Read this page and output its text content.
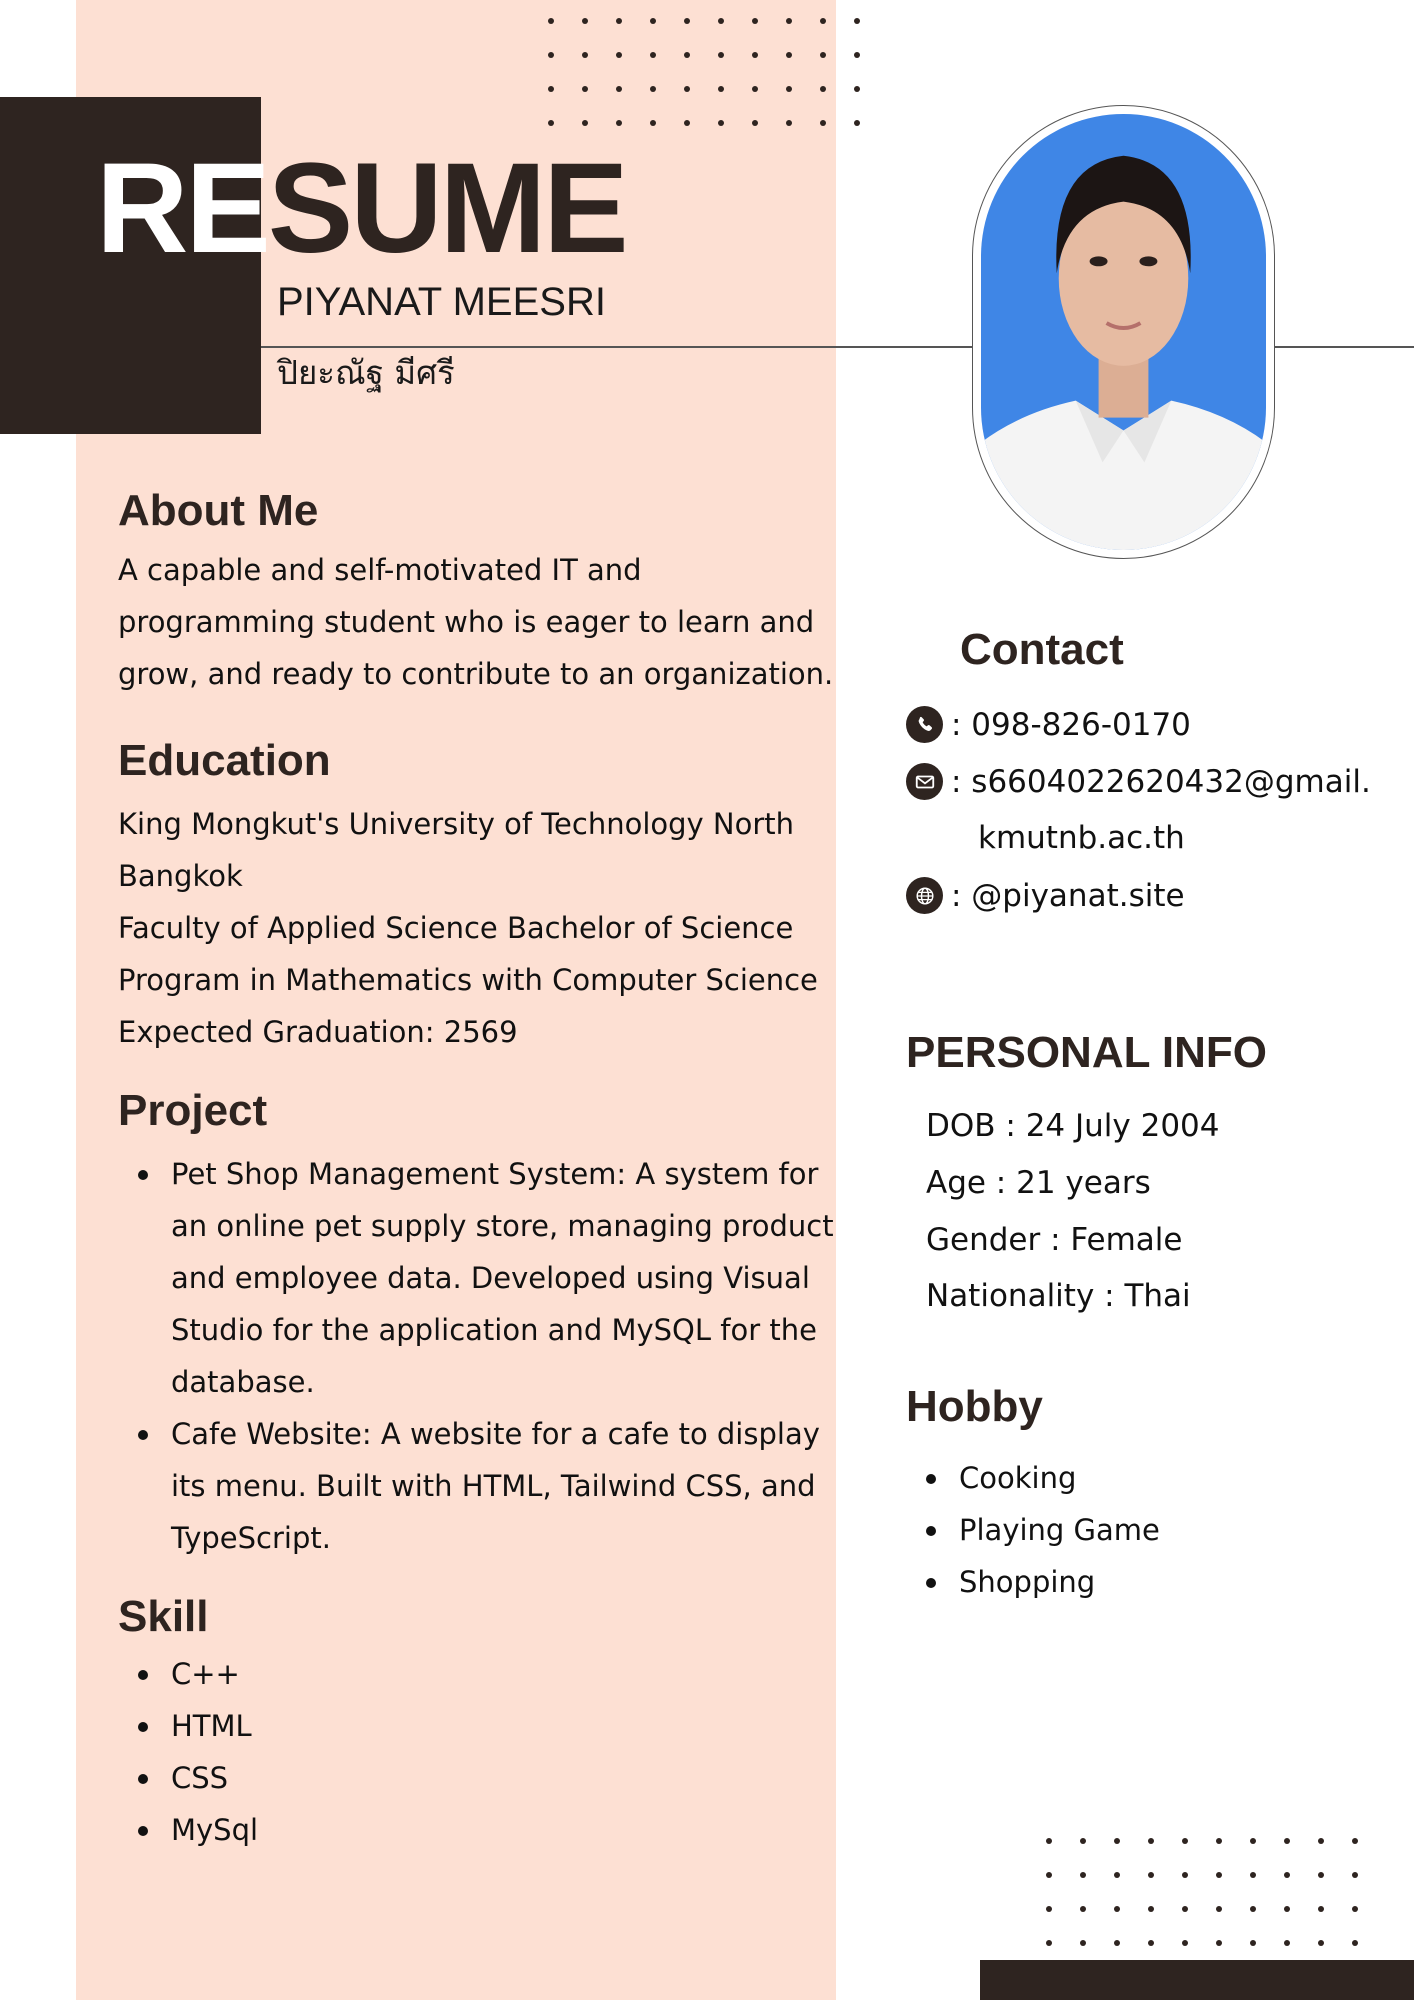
RESUME
PIYANAT MEESRI
ปิยะณัฐ มีศรี
About Me
A capable and self-motivated IT and
programming student who is eager to learn and
grow, and ready to contribute to an organization.
Education
King Mongkut's University of Technology North
Bangkok
Faculty of Applied Science Bachelor of Science
Program in Mathematics with Computer Science
Expected Graduation: 2569
Project
Pet Shop Management System: A system for
an online pet supply store, managing product
and employee data. Developed using Visual
Studio for the application and MySQL for the
database.
Cafe Website: A website for a cafe to display
its menu. Built with HTML, Tailwind CSS, and
TypeScript.
Skill
C++
HTML
CSS
MySql
Contact
: 098-826-0170
: s6604022620432@gmail.
kmutnb.ac.th
: @piyanat.site
PERSONAL INFO
DOB : 24 July 2004
Age : 21 years
Gender : Female
Nationality : Thai
Hobby
Cooking
Playing Game
Shopping
